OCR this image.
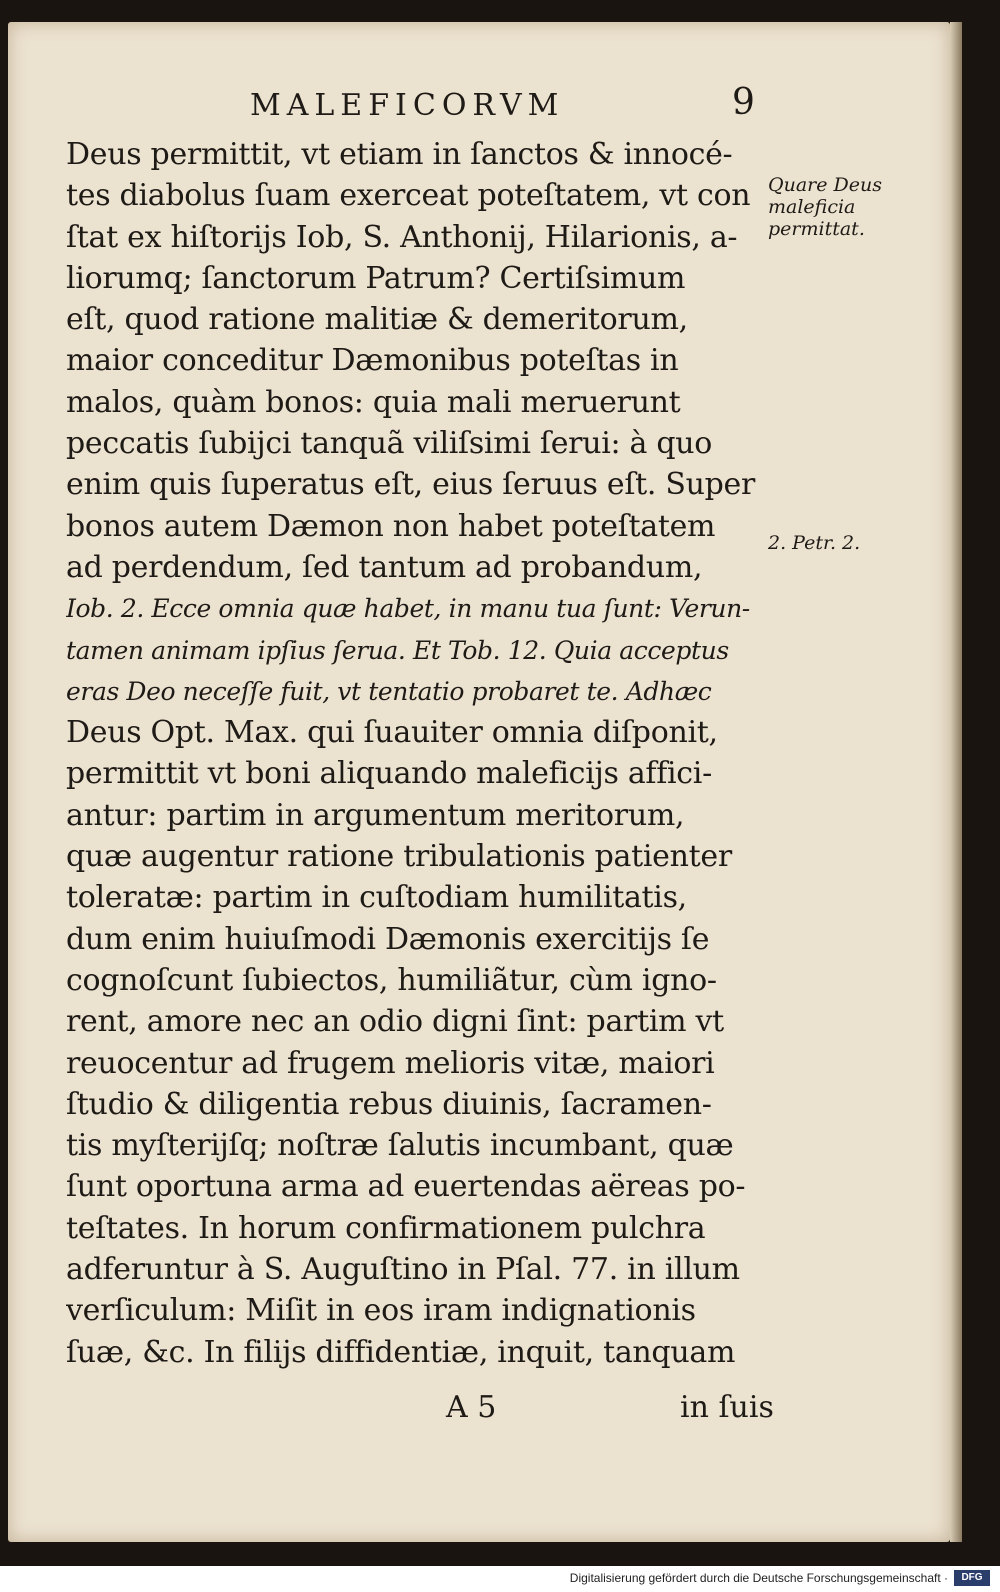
MALEFICORVM	9
Deus permittit, vt etiam in ſanctos & innocé-
tes diabolus ſuam exerceat poteſtatem, vt con
ſtat ex hiſtorijs Iob, S. Anthonij, Hilarionis, a-
liorumq; ſanctorum Patrum? Certiſsimum
eſt, quod ratione malitiæ & demeritorum,
maior conceditur Dæmonibus poteſtas in
malos, quàm bonos: quia mali meruerunt
peccatis ſubijci tanquã viliſsimi ſerui: à quo
enim quis ſuperatus eſt, eius ſeruus eſt. Super
bonos autem Dæmon non habet poteſtatem
ad perdendum, ſed tantum ad probandum,
Iob. 2. Ecce omnia quæ habet, in manu tua ſunt: Verun-
tamen animam ipſius ſerua. Et Tob. 12. Quia acceptus
eras Deo neceſſe fuit, vt tentatio probaret te. Adhæc
Deus Opt. Max. qui ſuauiter omnia diſponit,
permittit vt boni aliquando maleficijs affici-
antur: partim in argumentum meritorum,
quæ augentur ratione tribulationis patienter
toleratæ: partim in cuſtodiam humilitatis,
dum enim huiuſmodi Dæmonis exercitijs ſe
cognoſcunt ſubiectos, humiliãtur, cùm igno-
rent, amore nec an odio digni ſint: partim vt
reuocentur ad frugem melioris vitæ, maiori
ſtudio & diligentia rebus diuinis, ſacramen-
tis myſterijſq; noſtræ ſalutis incumbant, quæ
ſunt oportuna arma ad euertendas aëreas po-
teſtates. In horum confirmationem pulchra
adferuntur à S. Auguſtino in Pſal. 77. in illum
verſiculum: Miſit in eos iram indignationis
ſuæ, &c. In filijs diffidentiæ, inquit, tanquam
Quare Deus maleficia permittat.
2. Petr. 2.
A 5	in ſuis
Digitalisierung gefördert durch die Deutsche Forschungsgemeinschaft ·	DFG
